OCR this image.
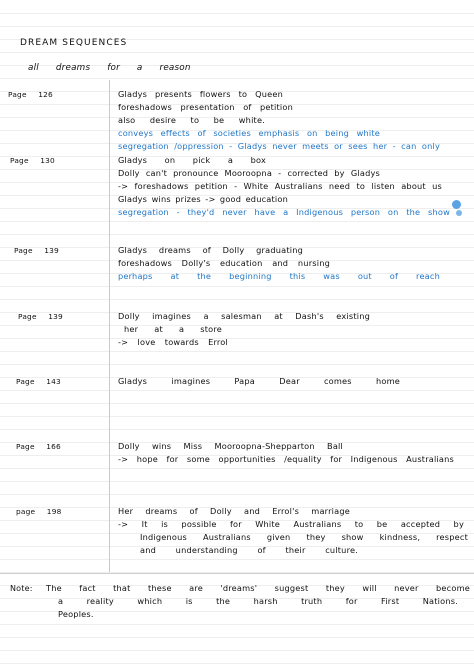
DREAM SEQUENCES
all dreams for a reason
Page 126	Gladys presents flowers to Queen
foreshadows presentation of petition
also desire to be white.
conveys effects of societies emphasis on being white
segregation /oppression - Gladys never meets or sees her - can only
Page 130	Gladys on pick a box
Dolly can't pronounce Mooroopna - corrected by Gladys
-> foreshadows petition - White Australians need to listen about us
Gladys wins prizes -> good education
segregation - they'd never have a Indigenous person on the show
Page 139	Gladys dreams of Dolly graduating
foreshadows Dolly's education and nursing
perhaps at the beginning this was out of reach
Page 139	Dolly imagines a salesman at Dash's existing
her at a store
-> love towards Errol
Page 143	Gladys imagines Papa Dear comes home
Page 166	Dolly wins Miss Mooroopna-Shepparton Ball
-> hope for some opportunities /equality for Indigenous Australians
page 198	Her dreams of Dolly and Errol's marriage
-> It is possible for White Australians to be accepted by
Indigenous Australians given they show kindness, respect
and understanding of their culture.
Note: The fact that these are 'dreams' suggest they will never become
a reality which is the harsh truth for First Nations.
Peoples.
